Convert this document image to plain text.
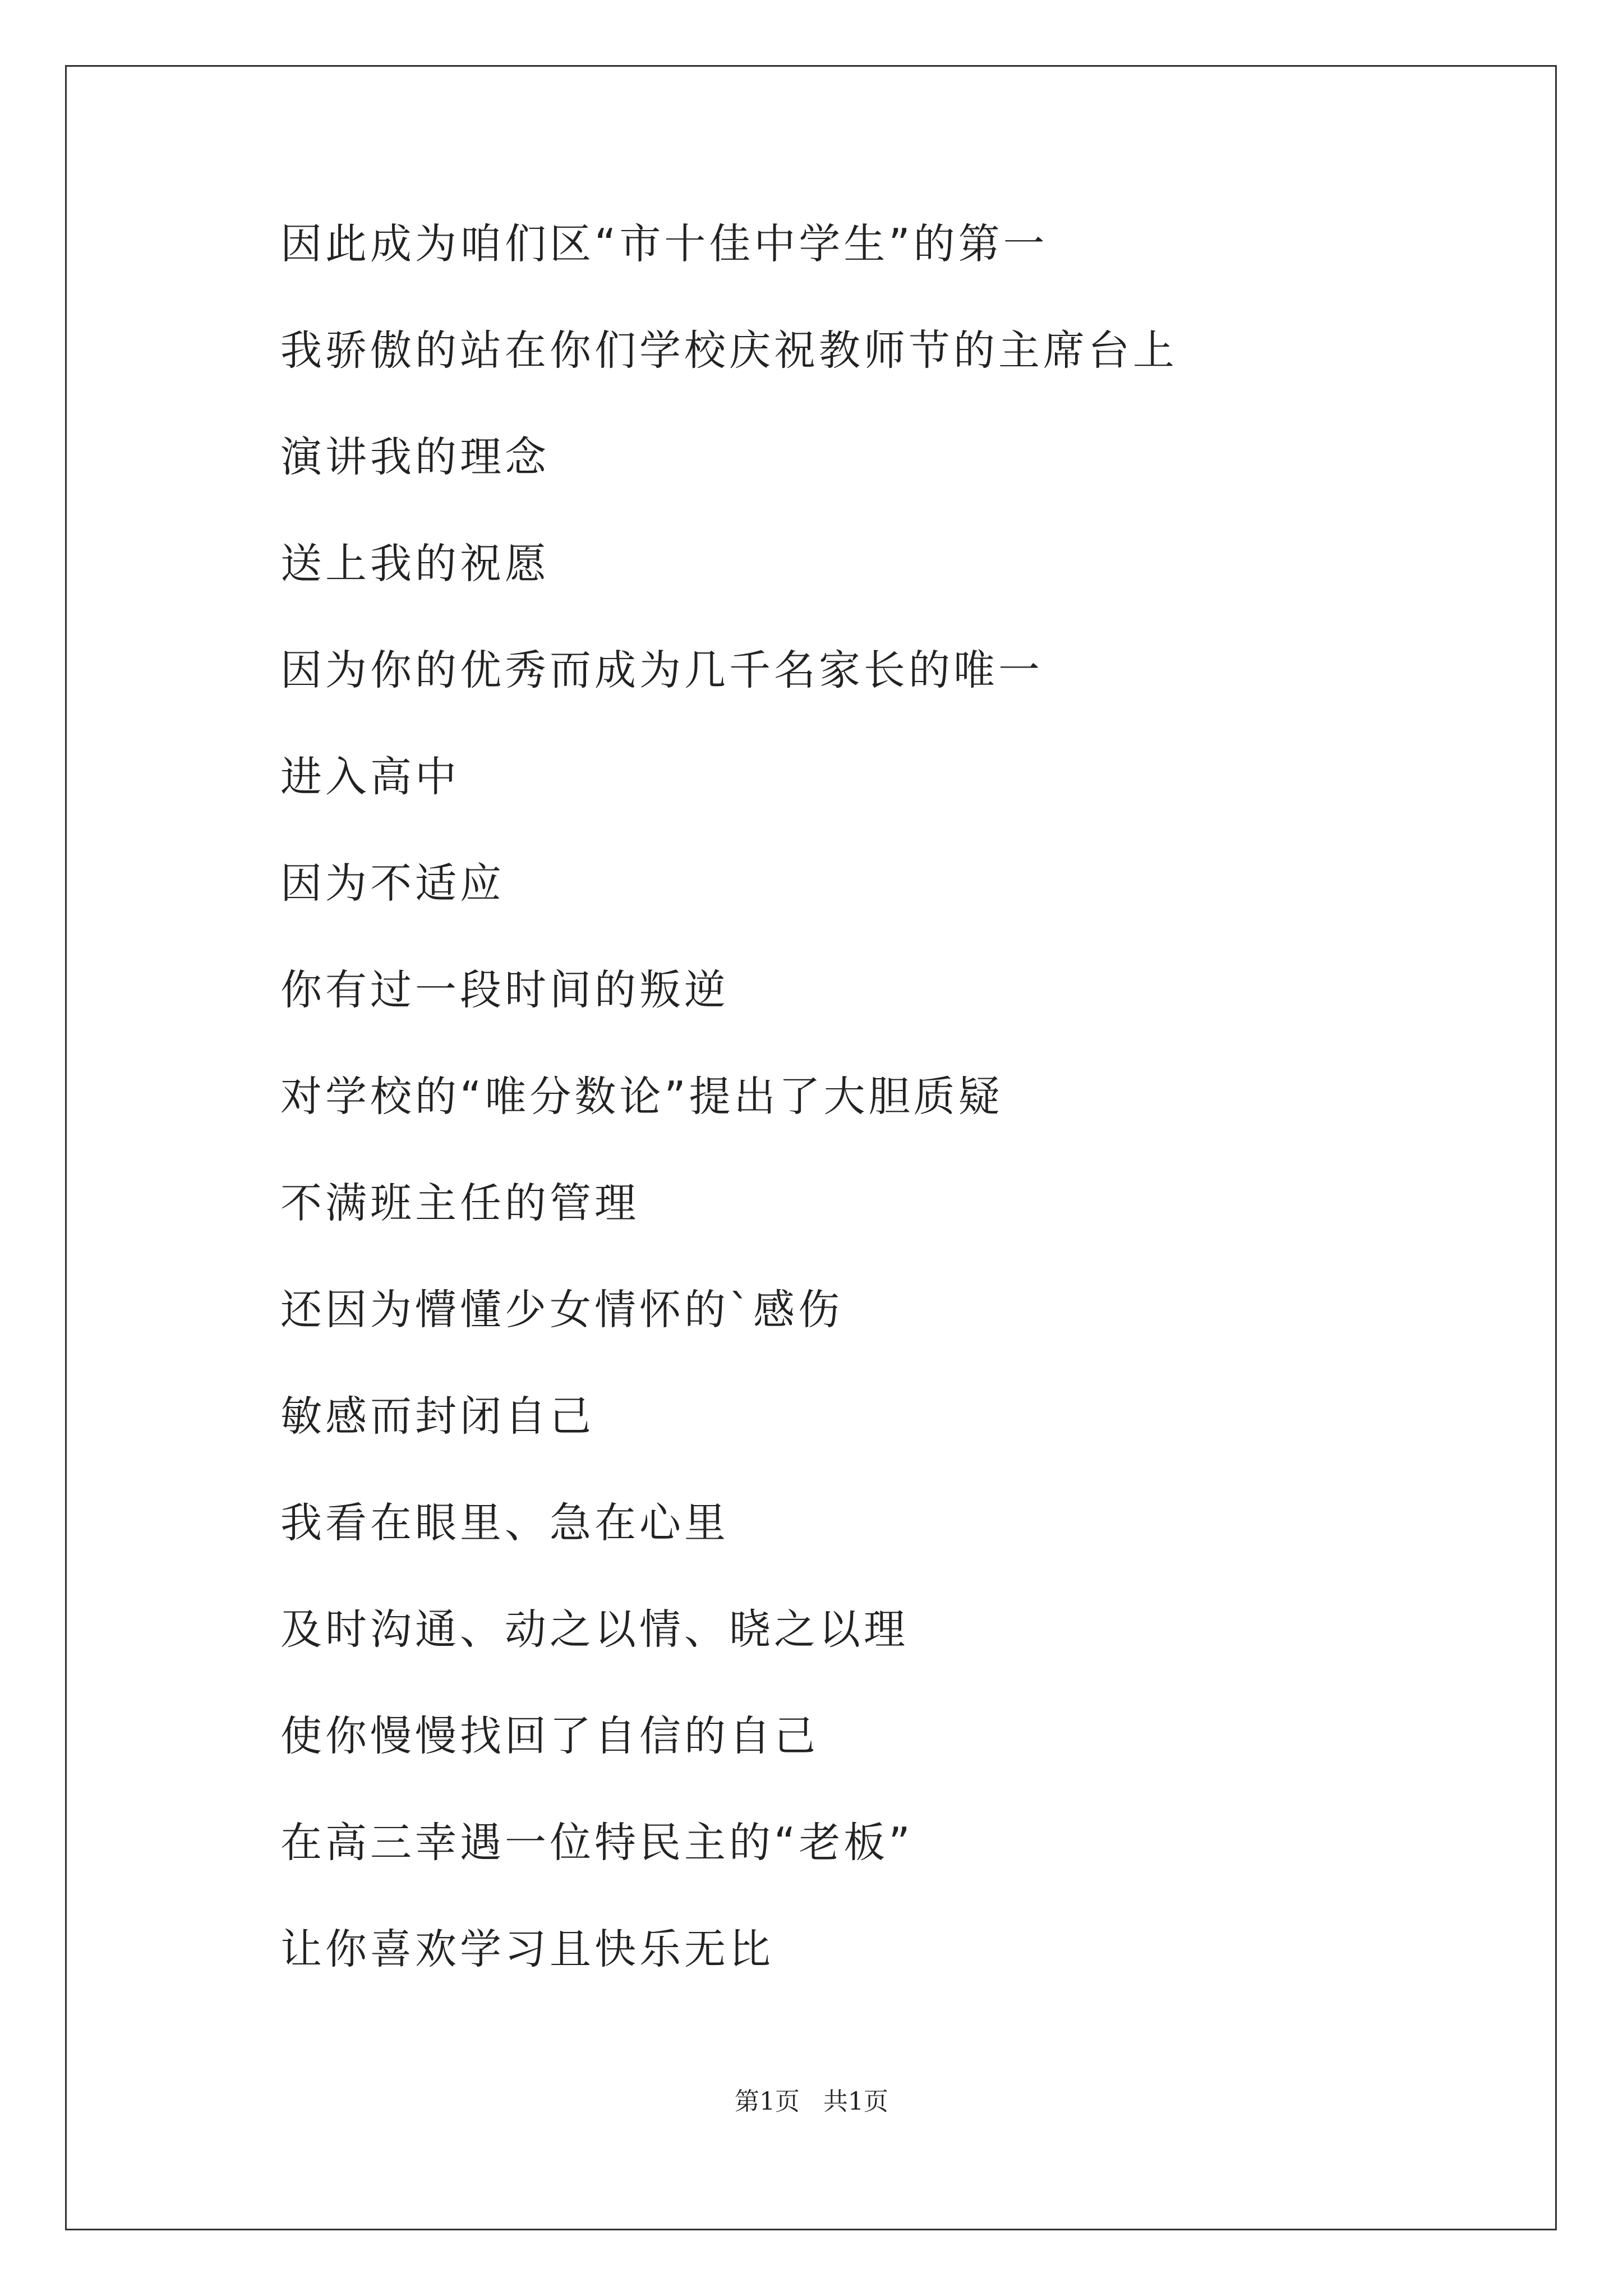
因此成为咱们区“市十佳中学生”的第一
我骄傲的站在你们学校庆祝教师节的主席台上
演讲我的理念
送上我的祝愿
因为你的优秀而成为几千名家长的唯一
进入高中
因为不适应
你有过一段时间的叛逆
对学校的“唯分数论”提出了大胆质疑
不满班主任的管理
还因为懵懂少女情怀的`感伤
敏感而封闭自己
我看在眼里、急在心里
及时沟通、动之以情、晓之以理
使你慢慢找回了自信的自己
在高三幸遇一位特民主的“老板”
让你喜欢学习且快乐无比
第1页   共1页
